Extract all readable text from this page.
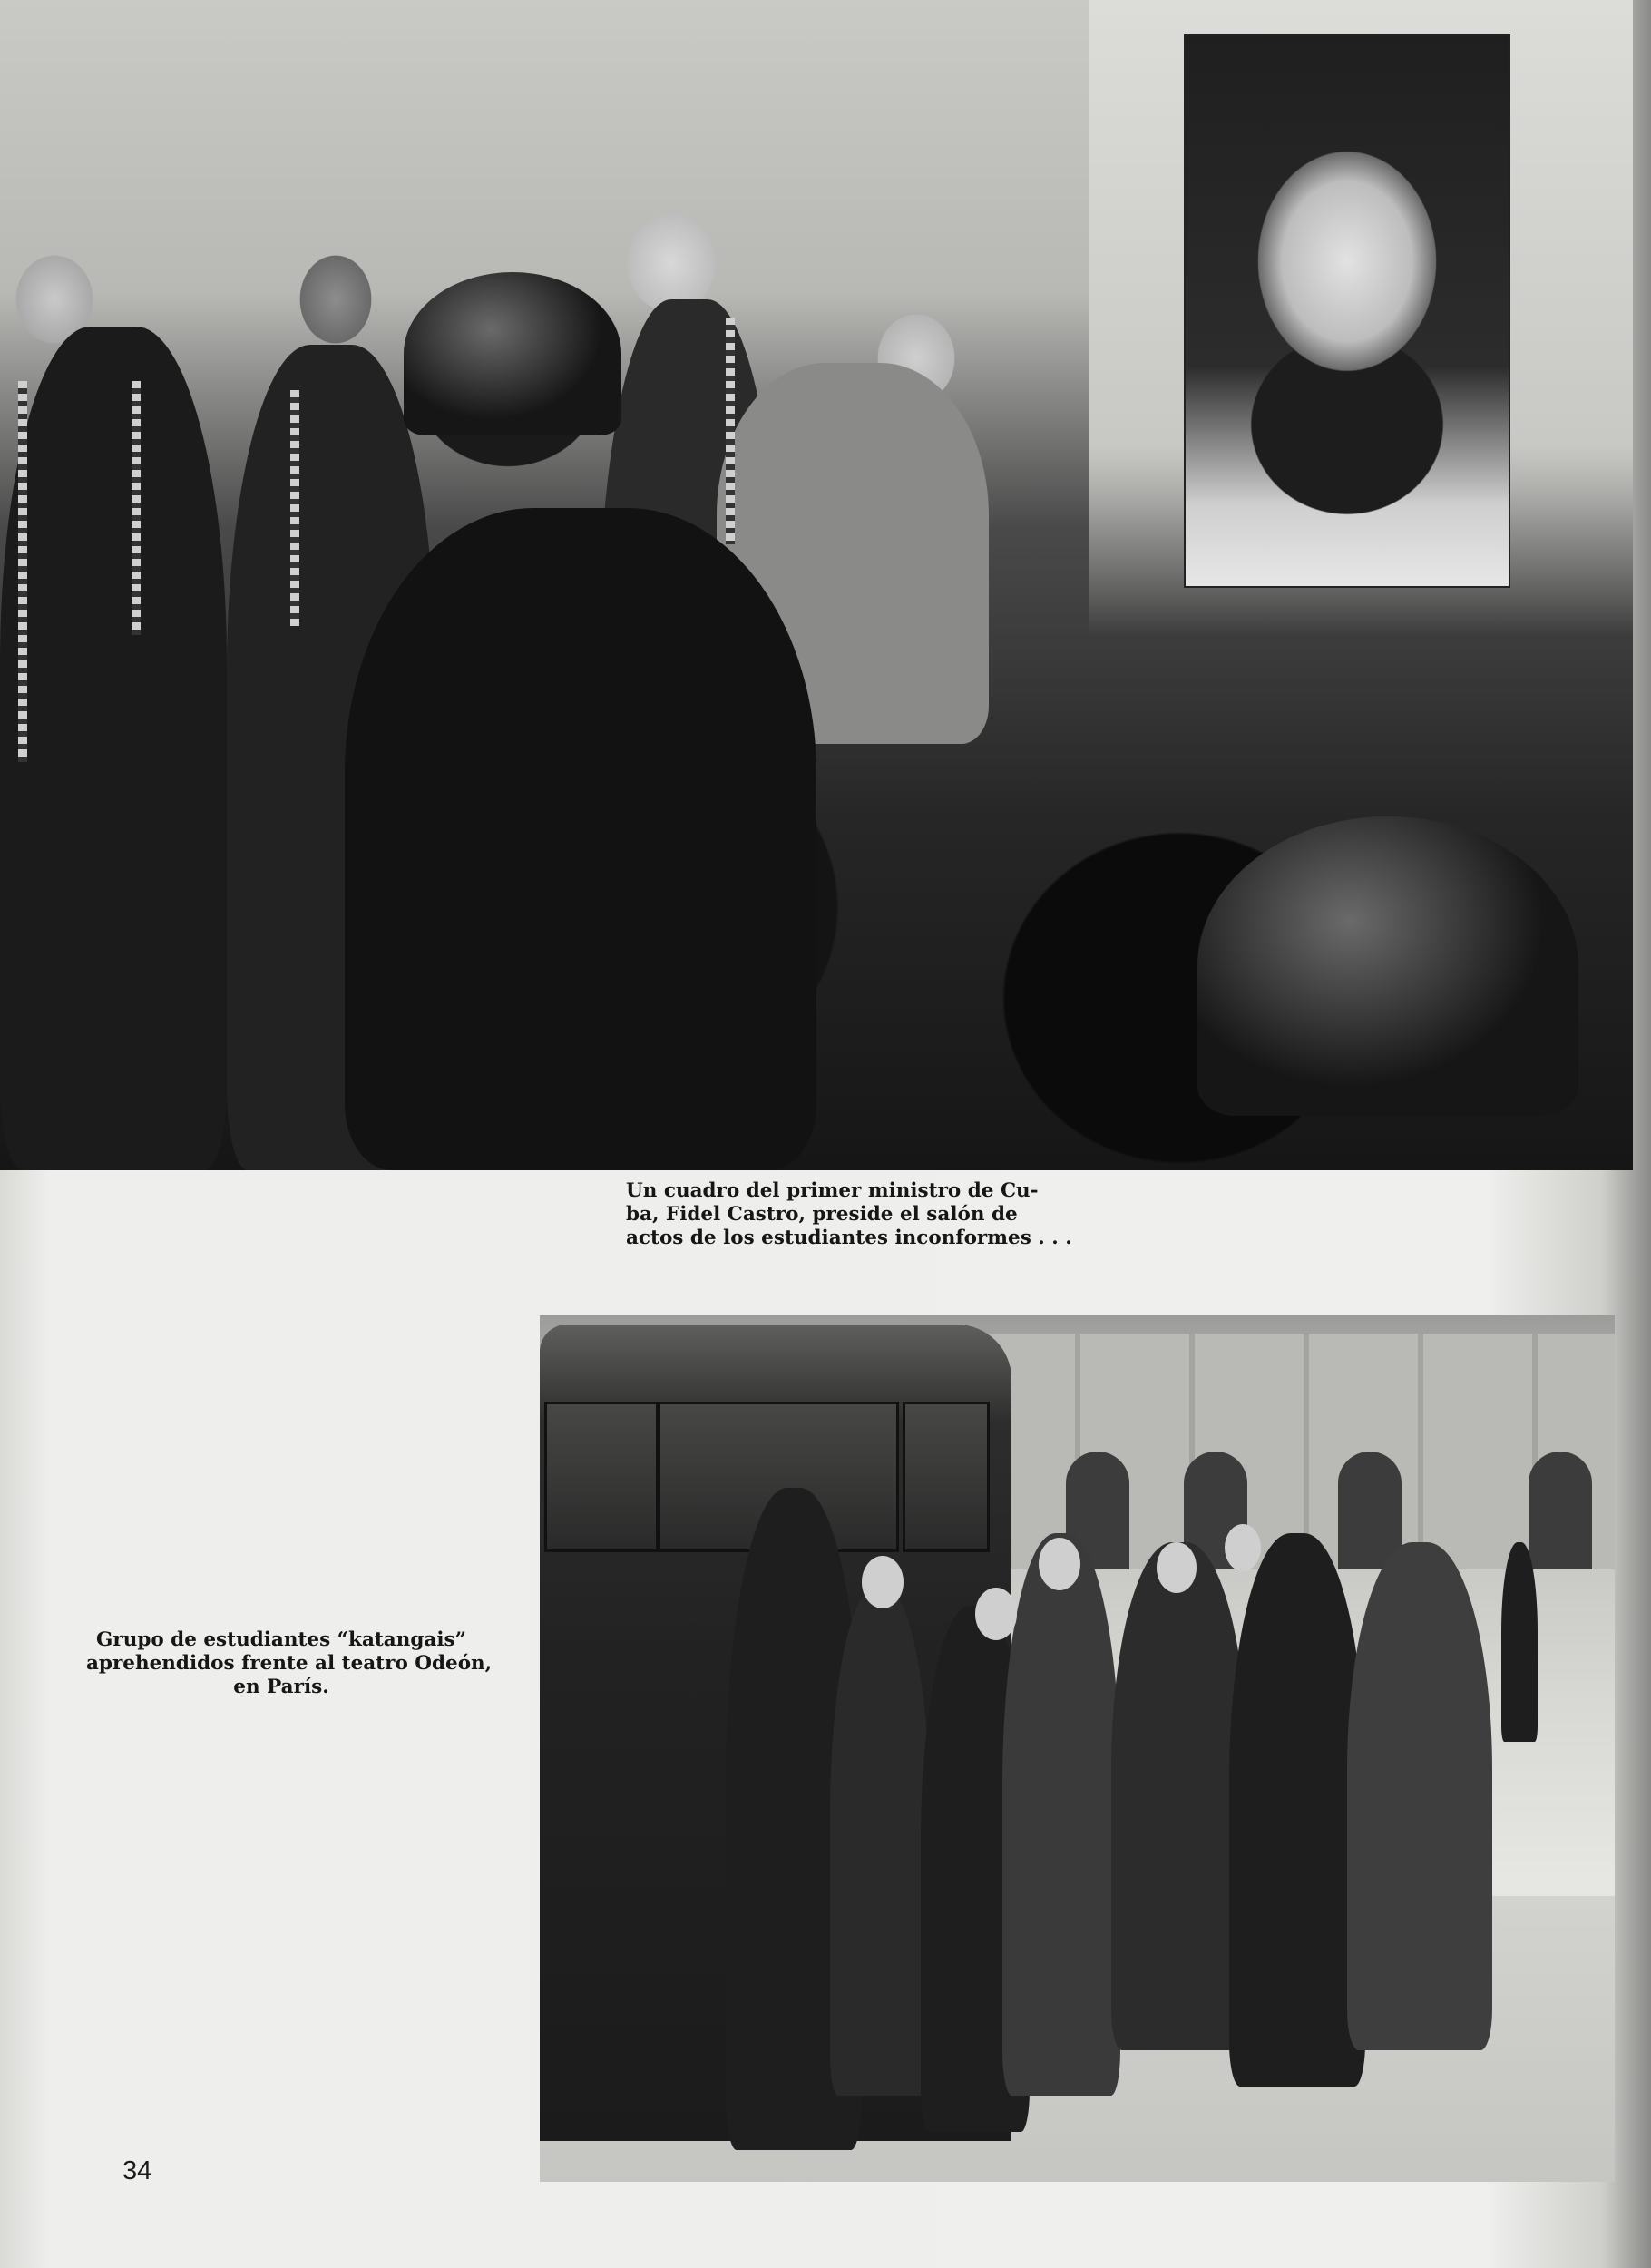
Un cuadro del primer ministro de Cu-
ba, Fidel Castro, preside el salón de
actos de los estudiantes inconformes . . .
Grupo de estudiantes “katangais”
aprehendidos frente al teatro Odeón,
en París.
34
